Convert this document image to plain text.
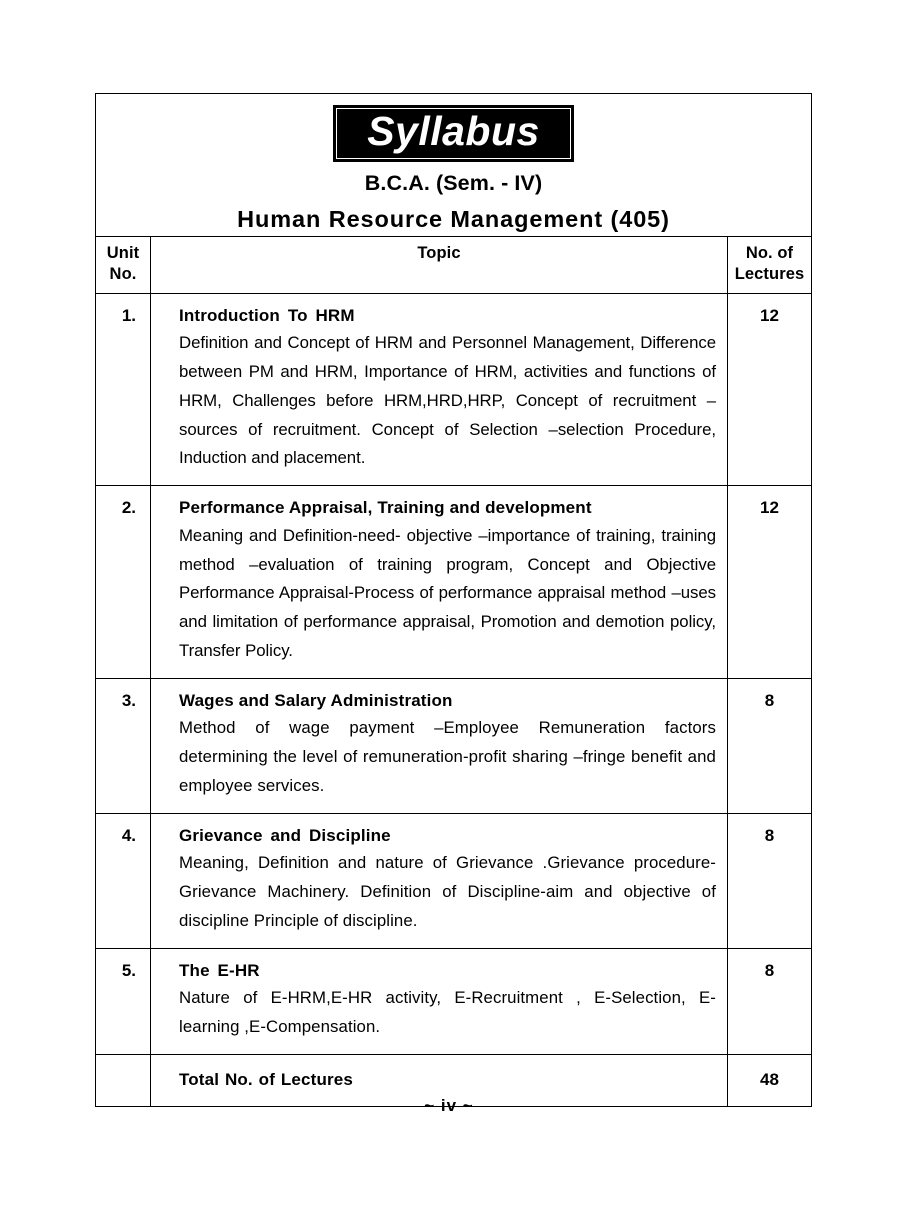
Syllabus
B.C.A. (Sem. - IV)
Human Resource Management (405)		

Unit
No.
	Topic	No. of
Lectures

1.	Introduction To HRM

Definition and Concept of HRM and Personnel Management, Difference between PM and HRM, Importance of HRM, activities and functions of HRM, Challenges before HRM,HRD,HRP, Concept of recruitment –sources of recruitment. Concept of Selection –selection Procedure, Induction and placement.	12
2.	Performance Appraisal, Training and development

Meaning and Definition-need- objective –importance of training, training method –evaluation of training program, Concept and Objective Performance Appraisal-Process of performance appraisal method –uses and limitation of performance appraisal, Promotion and demotion policy, Transfer Policy.	12
3.	Wages and Salary Administration

Method of wage payment –Employee Remuneration factors determining the level of remuneration-profit sharing –fringe benefit and employee services.	8
4.	Grievance and Discipline

Meaning, Definition and nature of Grievance .Grievance procedure-Grievance Machinery. Definition of Discipline-aim and objective of discipline Principle of discipline.	8
5.	The E-HR

Nature of E-HRM,E-HR activity, E-Recruitment , E-Selection, E-learning ,E-Compensation.	8

	Total No. of Lectures	48
~ iv ~
